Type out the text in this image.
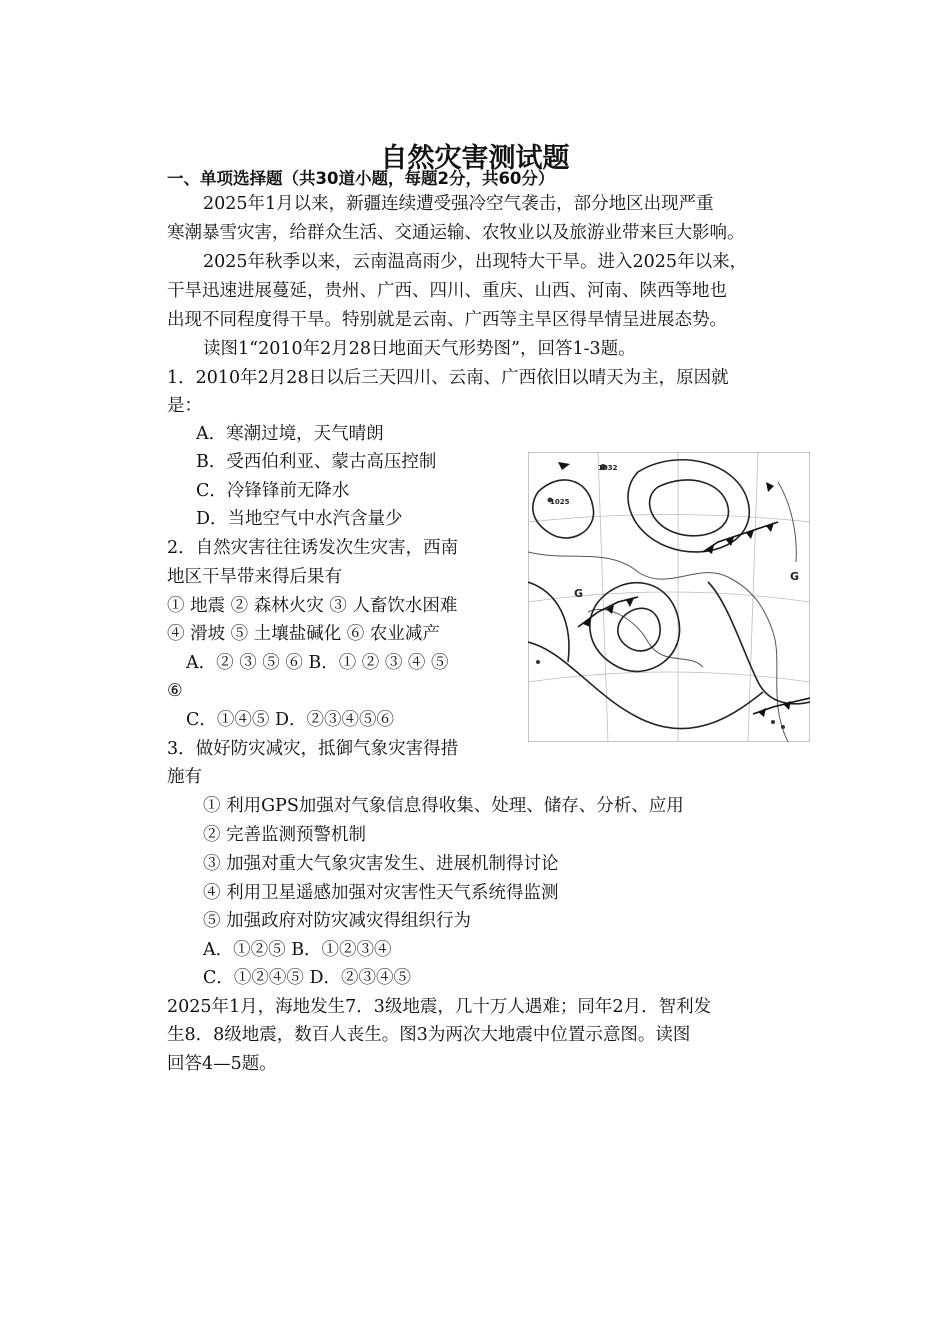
自然灾害测试题
一、单项选择题（共30道小题，每题2分，共60分）
2025年1月以来，新疆连续遭受强冷空气袭击，部分地区出现严重
寒潮暴雪灾害，给群众生活、交通运输、农牧业以及旅游业带来巨大影响。
2025年秋季以来，云南温高雨少，出现特大干旱。进入2025年以来，
干旱迅速进展蔓延，贵州、广西、四川、重庆、山西、河南、陕西等地也
出现不同程度得干旱。特别就是云南、广西等主旱区得旱情呈进展态势。
读图1“2010年2月28日地面天气形势图”，回答1-3题。
1．2010年2月28日以后三天四川、云南、广西依旧以晴天为主，原因就
是：
A．寒潮过境，天气晴朗
B．受西伯利亚、蒙古高压控制
C．冷锋锋前无降水
D．当地空气中水汽含量少
2．自然灾害往往诱发次生灾害，西南
地区干旱带来得后果有
① 地震 ② 森林火灾 ③ 人畜饮水困难
④ 滑坡 ⑤ 土壤盐碱化 ⑥ 农业减产
A．② ③ ⑤ ⑥ B．① ② ③ ④ ⑤
⑥
C．①④⑤ D．②③④⑤⑥
3．做好防灾减灾，抵御气象灾害得措
施有
① 利用GPS加强对气象信息得收集、处理、储存、分析、应用
② 完善监测预警机制
③ 加强对重大气象灾害发生、进展机制得讨论
④ 利用卫星遥感加强对灾害性天气系统得监测
⑤ 加强政府对防灾减灾得组织行为
A．①②⑤ B．①②③④
C．①②④⑤ D．②③④⑤
2025年1月，海地发生7．3级地震，几十万人遇难；同年2月．智利发
生8．8级地震，数百人丧生。图3为两次大地震中位置示意图。读图
回答4—5题。
G
G
1032
1025
